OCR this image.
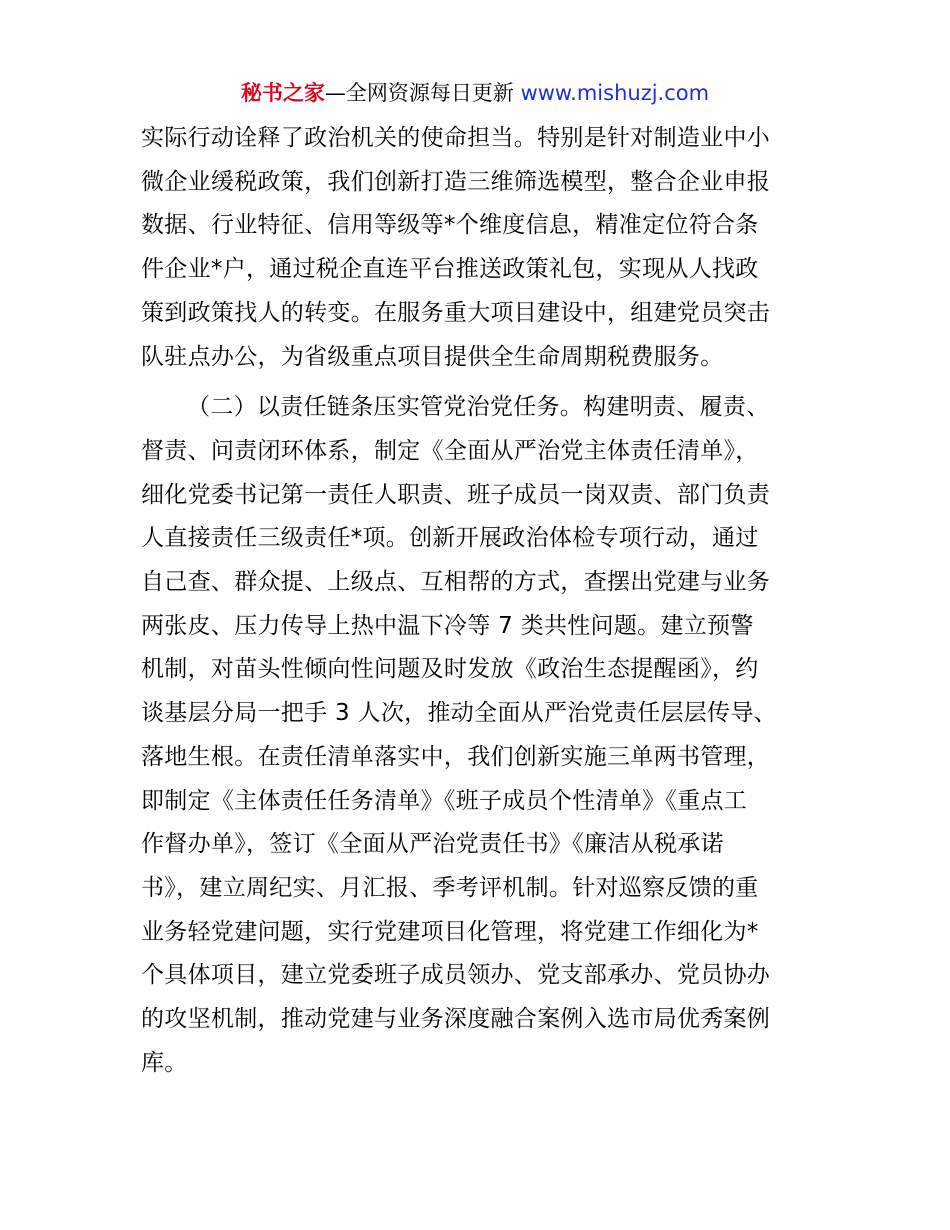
秘书之家—全网资源每日更新 www.mishuzj.com
实际行动诠释了政治机关的使命担当。特别是针对制造业中小
微企业缓税政策，我们创新打造三维筛选模型，整合企业申报
数据、行业特征、信用等级等*个维度信息，精准定位符合条
件企业*户，通过税企直连平台推送政策礼包，实现从人找政
策到政策找人的转变。在服务重大项目建设中，组建党员突击
队驻点办公，为省级重点项目提供全生命周期税费服务。
（二）以责任链条压实管党治党任务。构建明责、履责、
督责、问责闭环体系，制定《全面从严治党主体责任清单》，
细化党委书记第一责任人职责、班子成员一岗双责、部门负责
人直接责任三级责任*项。创新开展政治体检专项行动，通过
自己查、群众提、上级点、互相帮的方式，查摆出党建与业务
两张皮、压力传导上热中温下冷等 7 类共性问题。建立预警
机制，对苗头性倾向性问题及时发放《政治生态提醒函》，约
谈基层分局一把手 3 人次，推动全面从严治党责任层层传导、
落地生根。在责任清单落实中，我们创新实施三单两书管理，
即制定《主体责任任务清单》《班子成员个性清单》《重点工
作督办单》，签订《全面从严治党责任书》《廉洁从税承诺
书》，建立周纪实、月汇报、季考评机制。针对巡察反馈的重
业务轻党建问题，实行党建项目化管理，将党建工作细化为*
个具体项目，建立党委班子成员领办、党支部承办、党员协办
的攻坚机制，推动党建与业务深度融合案例入选市局优秀案例
库。
